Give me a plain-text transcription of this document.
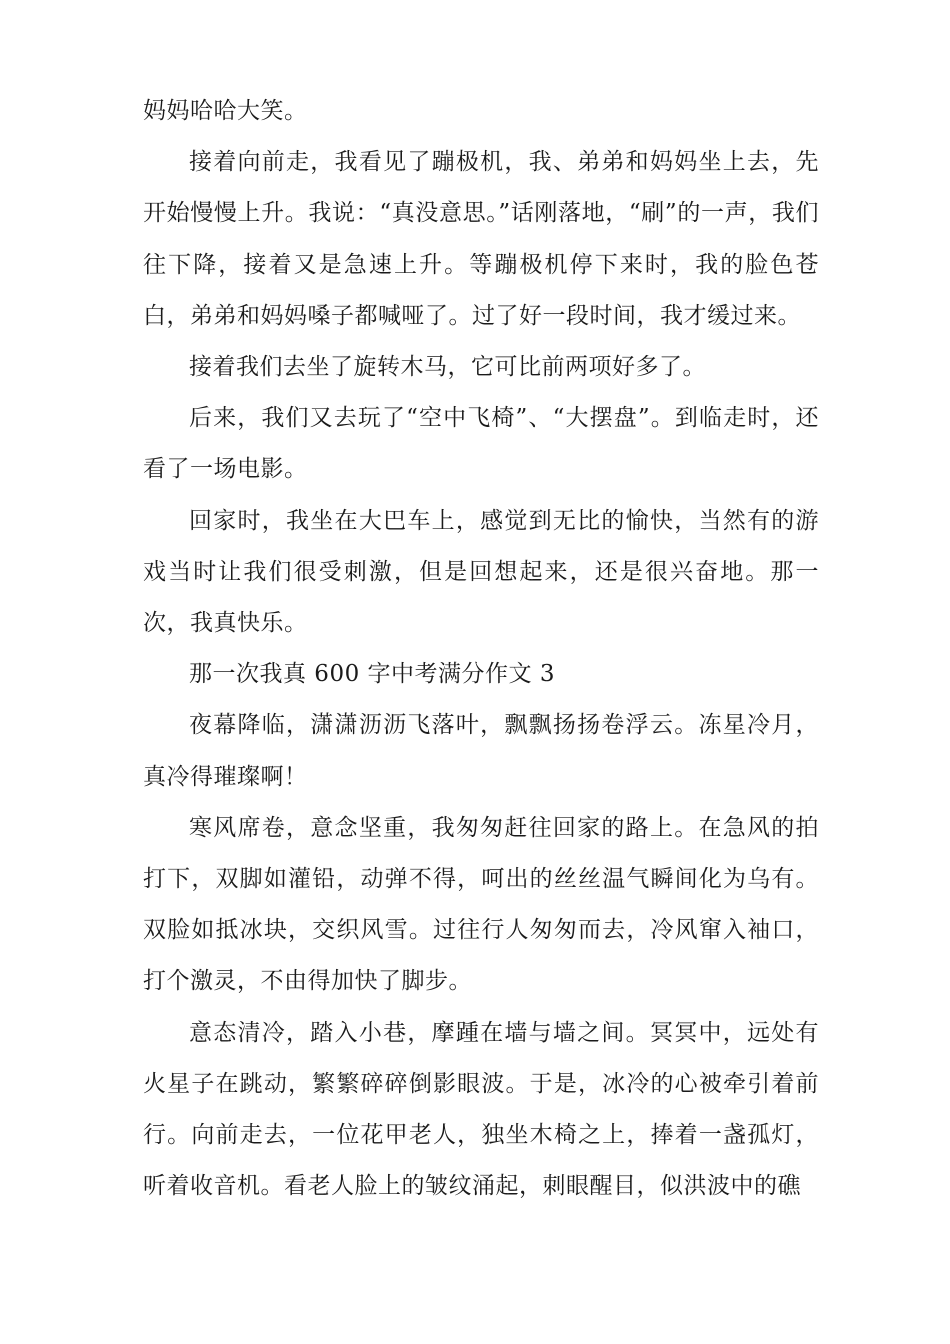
妈妈哈哈大笑。

接着向前走，我看见了蹦极机，我、弟弟和妈妈坐上去，先开始慢慢上升。我说：“真没意思。”话刚落地，“刷”的一声，我们往下降，接着又是急速上升。等蹦极机停下来时，我的脸色苍白，弟弟和妈妈嗓子都喊哑了。过了好一段时间，我才缓过来。

接着我们去坐了旋转木马，它可比前两项好多了。

后来，我们又去玩了“空中飞椅”、“大摆盘”。到临走时，还看了一场电影。

回家时，我坐在大巴车上，感觉到无比的愉快，当然有的游戏当时让我们很受刺激，但是回想起来，还是很兴奋地。那一次，我真快乐。

那一次我真 600 字中考满分作文 3

夜幕降临，潇潇沥沥飞落叶，飘飘扬扬卷浮云。冻星冷月，真冷得璀璨啊！

寒风席卷，意念坚重，我匆匆赶往回家的路上。在急风的拍打下，双脚如灌铅，动弹不得，呵出的丝丝温气瞬间化为乌有。双脸如抵冰块，交织风雪。过往行人匆匆而去，冷风窜入袖口，打个激灵，不由得加快了脚步。

意态清冷，踏入小巷，摩踵在墙与墙之间。冥冥中，远处有火星子在跳动，繁繁碎碎倒影眼波。于是，冰冷的心被牵引着前行。向前走去，一位花甲老人，独坐木椅之上，捧着一盏孤灯，听着收音机。看老人脸上的皱纹涌起，刺眼醒目，似洪波中的礁
